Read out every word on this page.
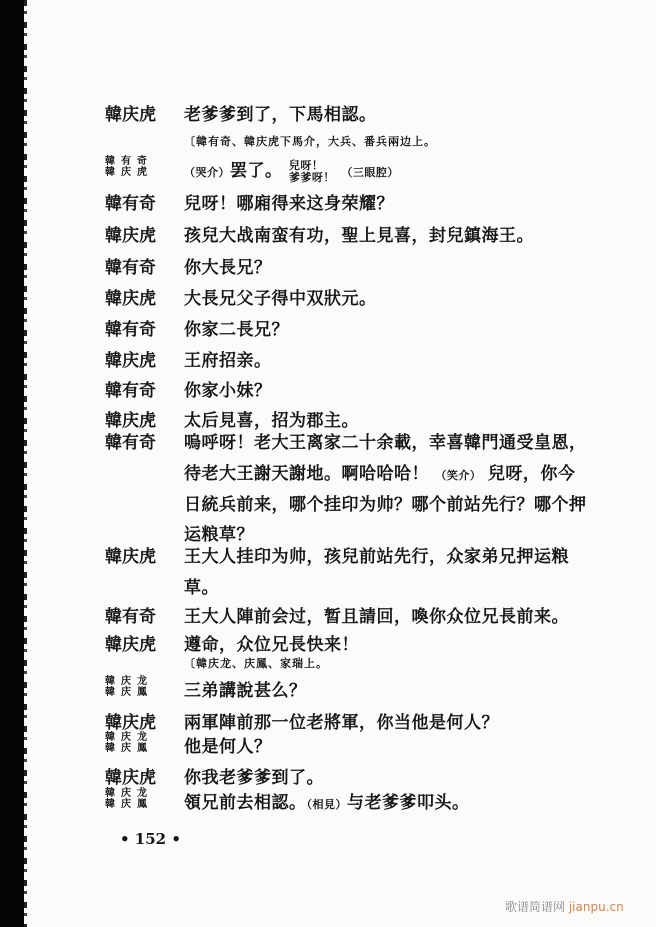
韓庆虎 老爹爹到了，下馬相認。
〔韓有奇、韓庆虎下馬介，大兵、番兵兩边上。
韓有奇
韓庆虎	（哭介）罢了。 兒呀！
爹爹呀！ （三眼腔）
韓有奇 兒呀！哪廂得来这身荣耀？
韓庆虎 孩兒大战南蛮有功，聖上見喜，封兒鎮海王。
韓有奇 你大長兄？
韓庆虎 大長兄父子得中双狀元。
韓有奇 你家二長兄？
韓庆虎 王府招亲。
韓有奇 你家小妹？
韓庆虎 太后見喜，招为郡主。
韓有奇 嗚呼呀！老大王离家二十余載，幸喜韓門通受皇恩，
待老大王謝天謝地。啊哈哈哈！ （笑介） 兒呀，你今
日統兵前来，哪个挂印为帅？哪个前站先行？哪个押
运粮草？
韓庆虎 王大人挂印为帅，孩兒前站先行，众家弟兄押运粮
草。
韓有奇 王大人陣前会过，暂且請回，喚你众位兄長前来。
韓庆虎 遵命，众位兄長快来！
〔韓庆龙、庆鳳、家瑞上。
韓庆龙
韓庆鳳 三弟講說甚么？
韓庆虎 兩軍陣前那一位老將軍，你当他是何人？
韓庆龙
韓庆鳳 他是何人？
韓庆虎 你我老爹爹到了。
韓庆龙
韓庆鳳 領兄前去相認。（相見）与老爹爹叩头。
• 152 •
歌谱简谱网 jianpu.cn
